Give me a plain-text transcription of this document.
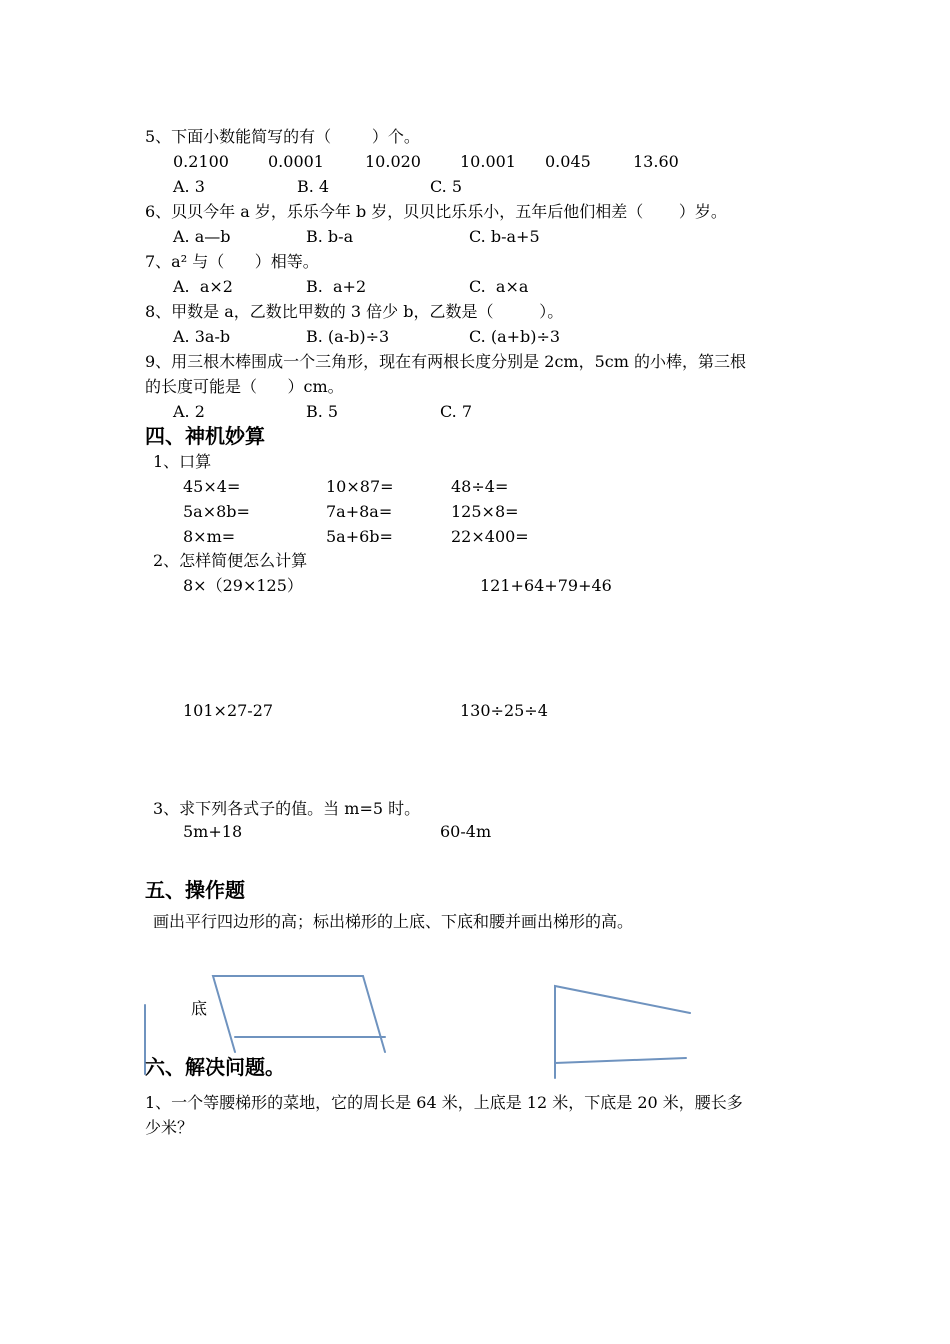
5、下面小数能简写的有（        ）个。
0.2100 0.0001	10.020 10.001 0.045	13.60
A. 3	B. 4	C. 5
6、贝贝今年 a 岁，乐乐今年 b 岁，贝贝比乐乐小，五年后他们相差（       ）岁。
A. a—b	B. b-a	C. b-a+5
7、a² 与（      ）相等。
A.  a×2	B.  a+2	C.  a×a
8、甲数是 a，乙数比甲数的 3 倍少 b，乙数是（         ）。
A. 3a-b	B. (a-b)÷3	C. (a+b)÷3
9、用三根木棒围成一个三角形，现在有两根长度分别是 2cm，5cm 的小棒，第三根
的长度可能是（      ）cm。
A. 2	B. 5	C. 7
四、神机妙算
1、口算
45×4=	10×87=	48÷4=
5a×8b=	7a+8a=	125×8=
8×m=	5a+6b=	22×400=
2、怎样简便怎么计算
8×（29×125）	121+64+79+46
101×27-27	130÷25÷4
3、求下列各式子的值。当 m=5 时。
5m+18	60-4m
五、操作题
画出平行四边形的高；标出梯形的上底、下底和腰并画出梯形的高。
底
六、解决问题。
1、一个等腰梯形的菜地，它的周长是 64 米，上底是 12 米，下底是 20 米，腰长多
少米？
